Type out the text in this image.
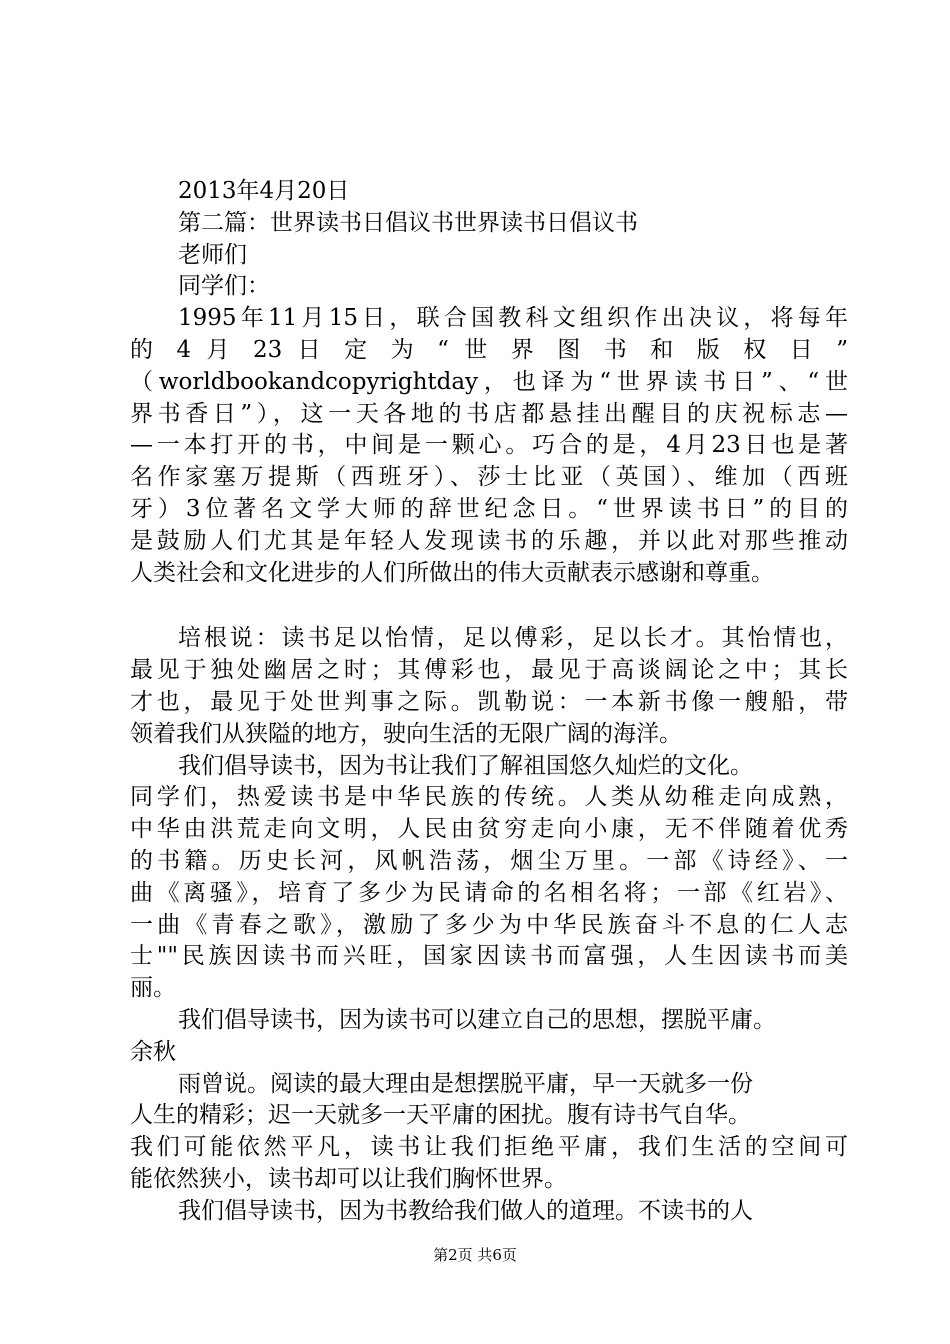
2013年4月20日
第二篇：世界读书日倡议书世界读书日倡议书
老师们
同学们：
1995年11月15日，联合国教科文组织作出决议，将每年
的 4 月 23 日 定 为 “ 世 界 图 书 和 版 权 日 ”
（worldbookandcopyrightday，也译为“世界读书日”、“世
界书香日”），这一天各地的书店都悬挂出醒目的庆祝标志—
—一本打开的书，中间是一颗心。巧合的是，4月23日也是著
名作家塞万提斯（西班牙）、莎士比亚（英国）、维加（西班
牙）3位著名文学大师的辞世纪念日。“世界读书日”的目的
是鼓励人们尤其是年轻人发现读书的乐趣，并以此对那些推动
人类社会和文化进步的人们所做出的伟大贡献表示感谢和尊重。
培根说：读书足以怡情，足以傅彩，足以长才。其怡情也，
最见于独处幽居之时；其傅彩也，最见于高谈阔论之中；其长
才也，最见于处世判事之际。凯勒说：一本新书像一艘船，带
领着我们从狭隘的地方，驶向生活的无限广阔的海洋。
我们倡导读书，因为书让我们了解祖国悠久灿烂的文化。
同学们，热爱读书是中华民族的传统。人类从幼稚走向成熟，
中华由洪荒走向文明，人民由贫穷走向小康，无不伴随着优秀
的书籍。历史长河，风帆浩荡，烟尘万里。一部《诗经》、一
曲《离骚》，培育了多少为民请命的名相名将；一部《红岩》、
一曲《青春之歌》，激励了多少为中华民族奋斗不息的仁人志
士""民族因读书而兴旺，国家因读书而富强，人生因读书而美
丽。
我们倡导读书，因为读书可以建立自己的思想，摆脱平庸。
余秋
雨曾说。阅读的最大理由是想摆脱平庸，早一天就多一份
人生的精彩；迟一天就多一天平庸的困扰。腹有诗书气自华。
我们可能依然平凡，读书让我们拒绝平庸，我们生活的空间可
能依然狭小，读书却可以让我们胸怀世界。
我们倡导读书，因为书教给我们做人的道理。不读书的人
第2页 共6页
